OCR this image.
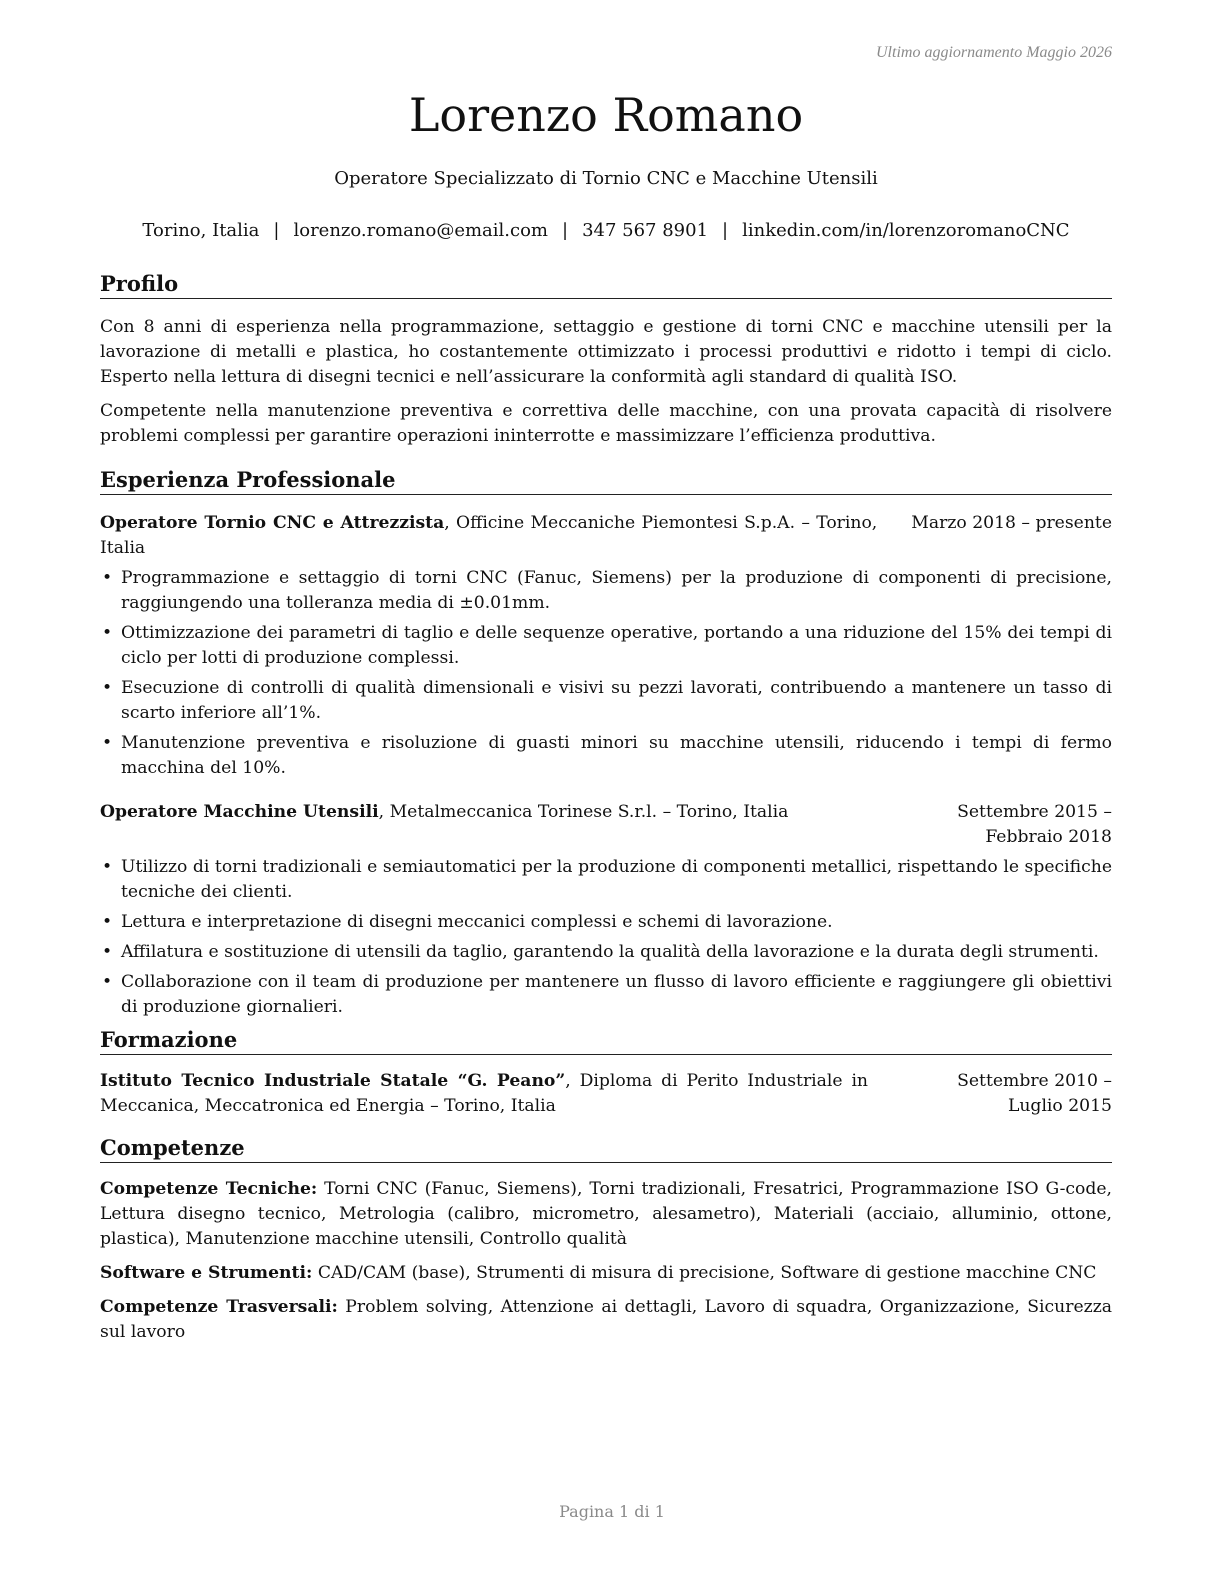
Ultimo aggiornamento Maggio 2026
Lorenzo Romano
Operatore Specializzato di Tornio CNC e Macchine Utensili
Torino, Italia | lorenzo.romano@email.com | 347 567 8901 | linkedin.com/in/lorenzoromanoCNC
Profilo

Con 8 anni di esperienza nella programmazione, settaggio e gestione di torni CNC e macchine utensili per la lavorazione di metalli e plastica, ho costantemente ottimizzato i processi produttivi e ridotto i tempi di ciclo. Esperto nella lettura di disegni tecnici e nell’assicurare la conformità agli standard di qualità ISO.

Competente nella manutenzione preventiva e correttiva delle macchine, con una provata capacità di risolvere problemi complessi per garantire operazioni ininterrotte e massimizzare l’efficienza produttiva.

Esperienza Professionale
Operatore Tornio CNC e Attrezzista, Officine Meccaniche Piemontesi S.p.A. – Torino, Italia
Marzo 2018 – presente
• Programmazione e settaggio di torni CNC (Fanuc, Siemens) per la produzione di componenti di precisione, raggiungendo una tolleranza media di ±0.01mm.
• Ottimizzazione dei parametri di taglio e delle sequenze operative, portando a una riduzione del 15% dei tempi di ciclo per lotti di produzione complessi.
• Esecuzione di controlli di qualità dimensionali e visivi su pezzi lavorati, contribuendo a mantenere un tasso di scarto inferiore all’1%.
• Manutenzione preventiva e risoluzione di guasti minori su macchine utensili, riducendo i tempi di fermo macchina del 10%.
Operatore Macchine Utensili, Metalmeccanica Torinese S.r.l. – Torino, Italia	Settembre 2015 – Febbraio 2018
• Utilizzo di torni tradizionali e semiautomatici per la produzione di componenti metallici, rispettando le specifiche tecniche dei clienti.
• Lettura e interpretazione di disegni meccanici complessi e schemi di lavorazione.
• Affilatura e sostituzione di utensili da taglio, garantendo la qualità della lavorazione e la durata degli strumenti.
• Collaborazione con il team di produzione per mantenere un flusso di lavoro efficiente e raggiungere gli obiettivi di produzione giornalieri.
Formazione
Istituto Tecnico Industriale Statale “G. Peano”, Diploma di Perito Industriale in Meccanica, Meccatronica ed Energia – Torino, Italia
Settembre 2010 – Luglio 2015
Competenze

Competenze Tecniche: Torni CNC (Fanuc, Siemens), Torni tradizionali, Fresatrici, Programmazione ISO G-code, Lettura disegno tecnico, Metrologia (calibro, micrometro, alesametro), Materiali (acciaio, alluminio, ottone, plastica), Manutenzione macchine utensili, Controllo qualità

Software e Strumenti: CAD/CAM (base), Strumenti di misura di precisione, Software di gestione macchine CNC

Competenze Trasversali: Problem solving, Attenzione ai dettagli, Lavoro di squadra, Organizzazione, Sicurezza sul lavoro

Pagina 1 di 1
